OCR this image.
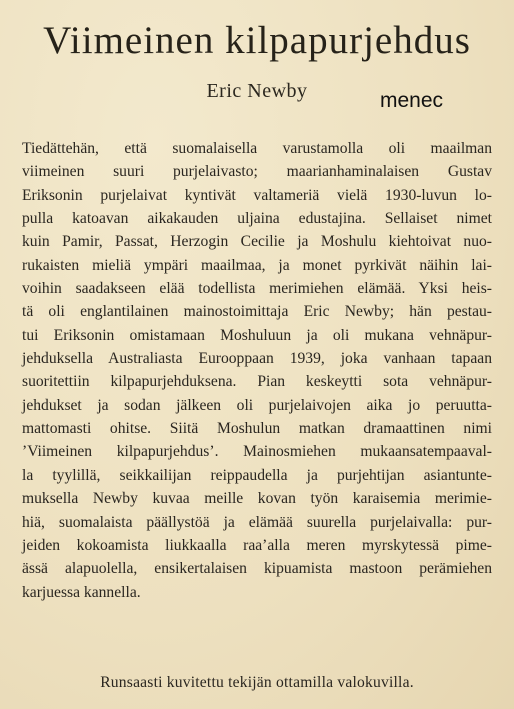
Viimeinen kilpapurjehdus
Eric Newby	menec
Tiedättehän, että suomalaisella varustamolla oli maailman
viimeinen suuri purjelaivasto; maarianhaminalaisen Gustav
Eriksonin purjelaivat kyntivät valtameriä vielä 1930-luvun lo-
pulla katoavan aikakauden uljaina edustajina. Sellaiset nimet
kuin Pamir, Passat, Herzogin Cecilie ja Moshulu kiehtoivat nuo-
rukaisten mieliä ympäri maailmaa, ja monet pyrkivät näihin lai-
voihin saadakseen elää todellista merimiehen elämää. Yksi heis-
tä oli englantilainen mainostoimittaja Eric Newby; hän pestau-
tui Eriksonin omistamaan Moshuluun ja oli mukana vehnäpur-
jehduksella Australiasta Eurooppaan 1939, joka vanhaan tapaan
suoritettiin kilpapurjehduksena. Pian keskeytti sota vehnäpur-
jehdukset ja sodan jälkeen oli purjelaivojen aika jo peruutta-
mattomasti ohitse. Siitä Moshulun matkan dramaattinen nimi
’Viimeinen kilpapurjehdus’. Mainosmiehen mukaansatempaaval-
la tyylillä, seikkailijan reippaudella ja purjehtijan asiantunte-
muksella Newby kuvaa meille kovan työn karaisemia merimie-
hiä, suomalaista päällystöä ja elämää suurella purjelaivalla: pur-
jeiden kokoamista liukkaalla raa’alla meren myrskytessä pime-
ässä alapuolella, ensikertalaisen kipuamista mastoon perämiehen
karjuessa kannella.
Runsaasti kuvitettu tekijän ottamilla valokuvilla.
